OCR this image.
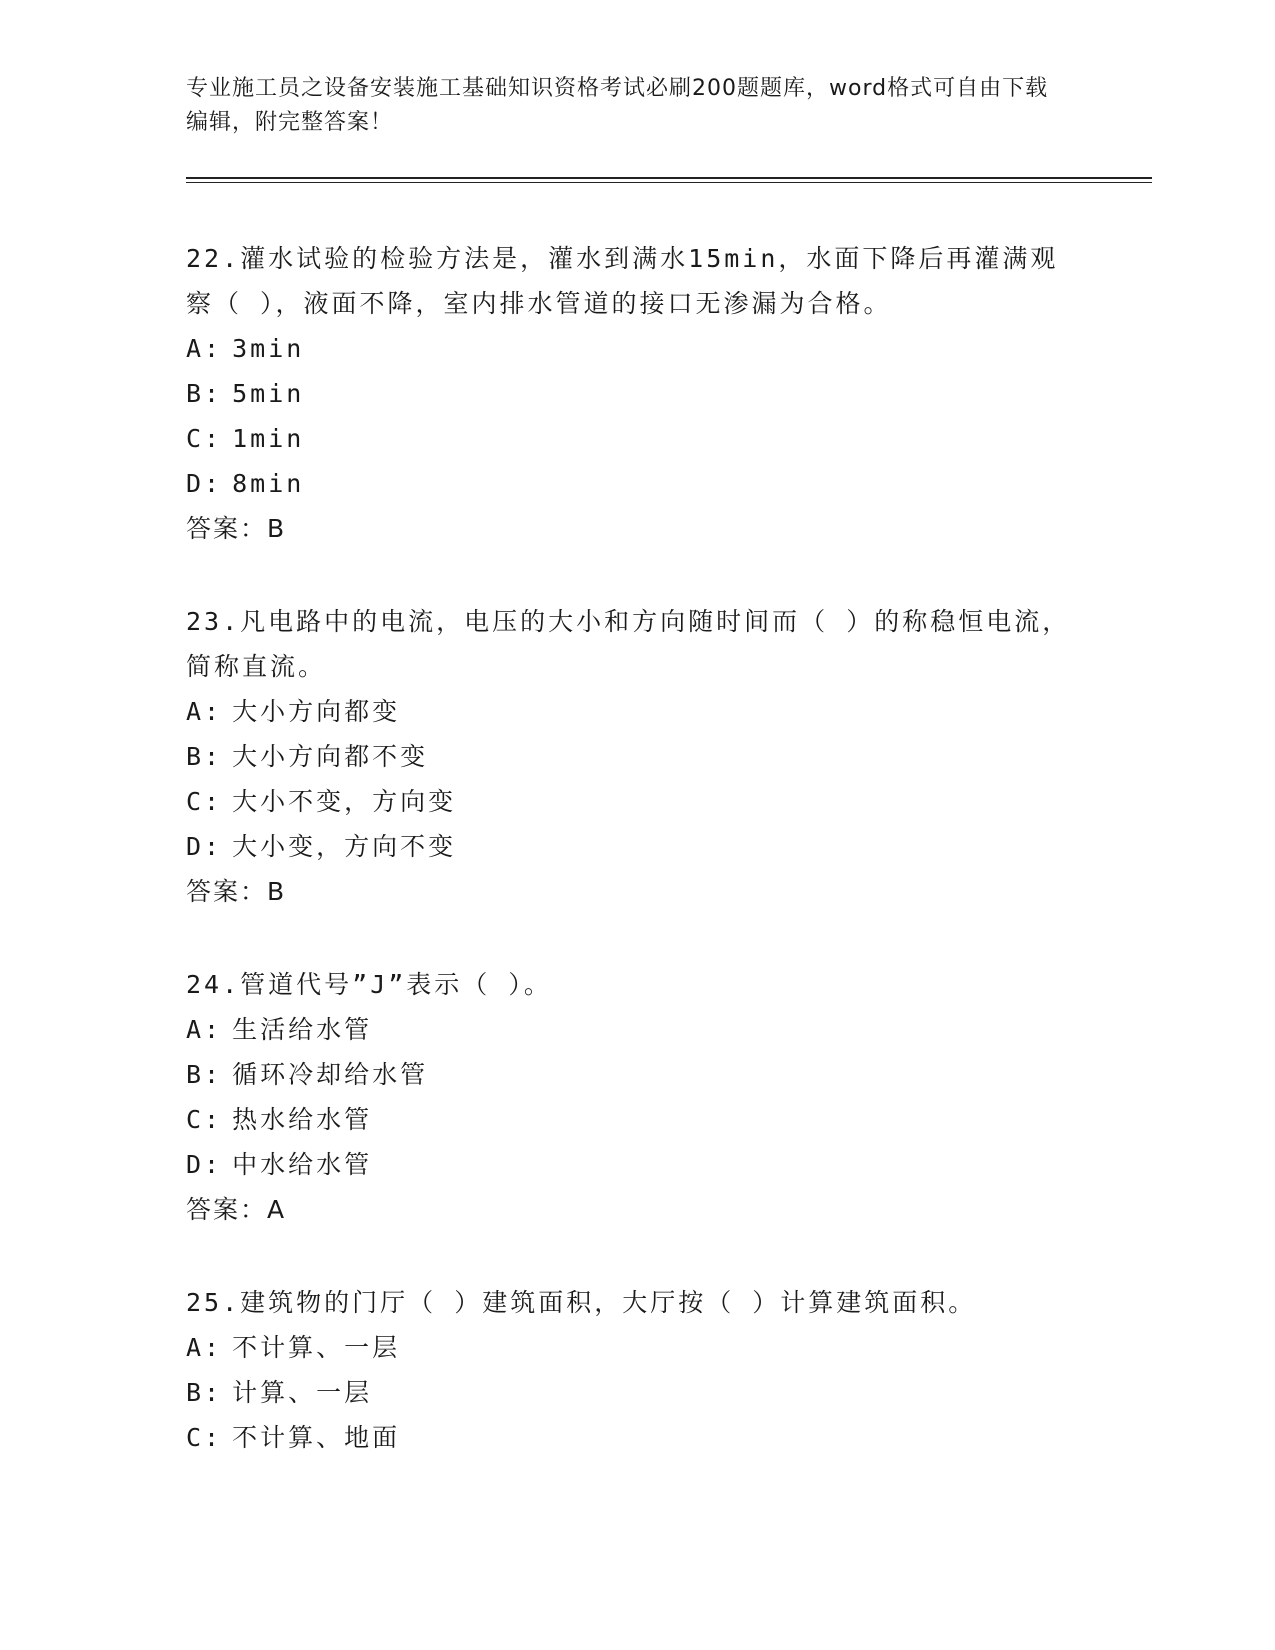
专业施工员之设备安装施工基础知识资格考试必刷200题题库，word格式可自由下载编辑，附完整答案！

22.灌水试验的检验方法是，灌水到满水15min，水面下降后再灌满观察（ ），液面不降，室内排水管道的接口无渗漏为合格。

A: 3min
B: 5min
C: 1min
D: 8min
答案：B

23.凡电路中的电流，电压的大小和方向随时间而（ ）的称稳恒电流，简称直流。

A: 大小方向都变
B: 大小方向都不变
C: 大小不变，方向变
D: 大小变，方向不变
答案：B

24.管道代号”J”表示（ ）。

A: 生活给水管
B: 循环冷却给水管
C: 热水给水管
D: 中水给水管
答案：A

25.建筑物的门厅（ ）建筑面积，大厅按（ ）计算建筑面积。

A: 不计算、一层
B: 计算、一层
C: 不计算、地面
